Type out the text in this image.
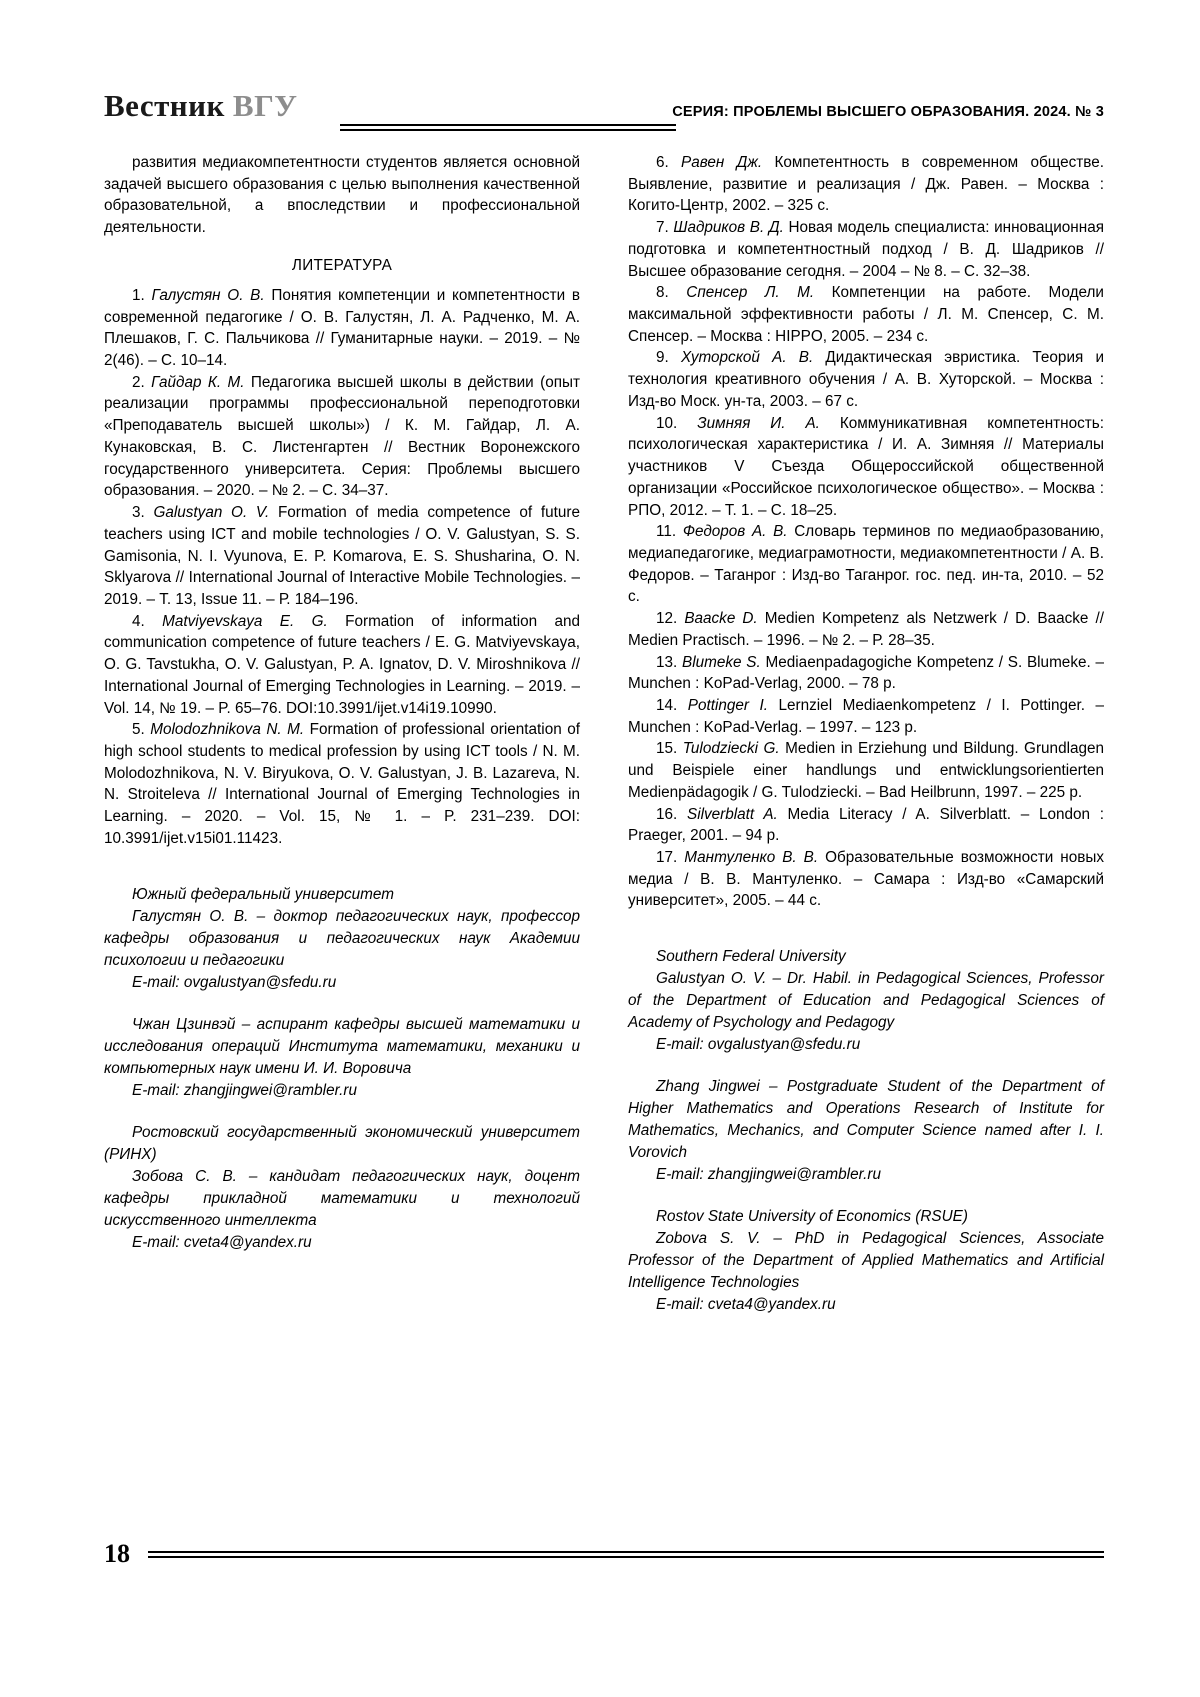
Вестник ВГУ	СЕРИЯ: ПРОБЛЕМЫ ВЫСШЕГО ОБРАЗОВАНИЯ. 2024. № 3

развития медиакомпетентности студентов является основной задачей высшего образования с целью выполнения качественной образовательной, а впоследствии и профессиональной деятельности.

ЛИТЕРАТУРА

1. Галустян О. В. Понятия компетенции и компетентности в современной педагогике / О. В. Галустян, Л. А. Радченко, М. А. Плешаков, Г. С. Пальчикова // Гуманитарные науки. – 2019. – № 2(46). – С. 10–14.

2. Гайдар К. М. Педагогика высшей школы в действии (опыт реализации программы профессиональной переподготовки «Преподаватель высшей школы») / К. М. Гайдар, Л. А. Кунаковская, В. С. Листенгартен // Вестник Воронежского государственного университета. Серия: Проблемы высшего образования. – 2020. – № 2. – С. 34–37.

3. Galustyan O. V. Formation of media competence of future teachers using ICT and mobile technologies / O. V. Galustyan, S. S. Gamisonia, N. I. Vyunova, E. P. Komarova, E. S. Shusharina, O. N. Sklyarova // International Journal of Interactive Mobile Technologies. – 2019. – Т. 13, Issue 11. – Р. 184–196.

4. Matviyevskaya E. G. Formation of information and communication competence of future teachers / E. G. Matviyevskaya, O. G. Tavstukha, O. V. Galustyan, P. A. Ignatov, D. V. Miroshnikova // International Journal of Emerging Technologies in Learning. – 2019. – Vol. 14, № 19. – P. 65–76. DOI:10.3991/ijet.v14i19.10990.

5. Molodozhnikova N. M. Formation of professional orientation of high school students to medical profession by using ICT tools / N. M. Molodozhnikova, N. V. Biryukova, O. V. Galustyan, J. B. Lazareva, N. N. Stroiteleva // International Journal of Emerging Technologies in Learning. – 2020. – Vol. 15, № 1. – P. 231–239. DOI: 10.3991/ijet.v15i01.11423.

Южный федеральный университет

Галустян О. В. – доктор педагогических наук, профессор кафедры образования и педагогических наук Академии психологии и педагогики

E-mail: ovgalustyan@sfedu.ru

Чжан Цзинвэй – аспирант кафедры высшей математики и исследования операций Института математики, механики и компьютерных наук имени И. И. Воровича

E-mail: zhangjingwei@rambler.ru

Ростовский государственный экономический университет (РИНХ)

Зобова С. В. – кандидат педагогических наук, доцент кафедры прикладной математики и технологий искусственного интеллекта

E-mail: cveta4@yandex.ru

6. Равен Дж. Компетентность в современном обществе. Выявление, развитие и реализация / Дж. Равен. – Москва : Когито-Центр, 2002. – 325 с.

7. Шадриков В. Д. Новая модель специалиста: инновационная подготовка и компетентностный подход / В. Д. Шадриков // Высшее образование сегодня. – 2004 – № 8. – С. 32–38.

8. Спенсер Л. М. Компетенции на работе. Модели максимальной эффективности работы / Л. М. Спенсер, С. М. Спенсер. – Москва : HIPPO, 2005. – 234 с.

9. Хуторской А. В. Дидактическая эвристика. Теория и технология креативного обучения / А. В. Хуторской. – Москва : Изд-во Моск. ун-та, 2003. – 67 с.

10. Зимняя И. А. Коммуникативная компетентность: психологическая характеристика / И. А. Зимняя // Материалы участников V Съезда Общероссийской общественной организации «Российское психологическое общество». – Москва : РПО, 2012. – Т. 1. – С. 18–25.

11. Федоров А. В. Словарь терминов по медиаобразованию, медиапедагогике, медиаграмотности, медиакомпетентности / А. В. Федоров. – Таганрог : Изд-во Таганрог. гос. пед. ин-та, 2010. – 52 с.

12. Baacke D. Medien Kompetenz als Netzwerk / D. Baacke // Medien Practisch. – 1996. – № 2. – Р. 28–35.

13. Blumeke S. Mediaenpadagogiche Kompetenz / S. Blumeke. – Munchen : KoPad-Verlag, 2000. – 78 р.

14. Pottinger I. Lernziel Mediaenkompetenz / I. Pottinger. – Munchen : KoPad-Verlag. – 1997. – 123 р.

15. Tulodziecki G. Medien in Erziehung und Bildung. Grundlagen und Beispiele einer handlungs und entwicklungsorientierten Medienpädagogik / G. Tulodziecki. – Bad Heilbrunn, 1997. – 225 р.

16. Silverblatt A. Media Literacy / A. Silverblatt. – London : Praeger, 2001. – 94 р.

17. Мантуленко В. В. Образовательные возможности новых медиа / В. В. Мантуленко. – Самара : Изд-во «Самарский университет», 2005. – 44 с.

Southern Federal University

Galustyan O. V. – Dr. Habil. in Pedagogical Sciences, Professor of the Department of Education and Pedagogical Sciences of Academy of Psychology and Pedagogy

E-mail: ovgalustyan@sfedu.ru

Zhang Jingwei – Postgraduate Student of the Department of Higher Mathematics and Operations Research of Institute for Mathematics, Mechanics, and Computer Science named after I. I. Vorovich

E-mail: zhangjingwei@rambler.ru

Rostov State University of Economics (RSUE)

Zobova S. V. – PhD in Pedagogical Sciences, Associate Professor of the Department of Applied Mathematics and Artificial Intelligence Technologies

E-mail: cveta4@yandex.ru

18
